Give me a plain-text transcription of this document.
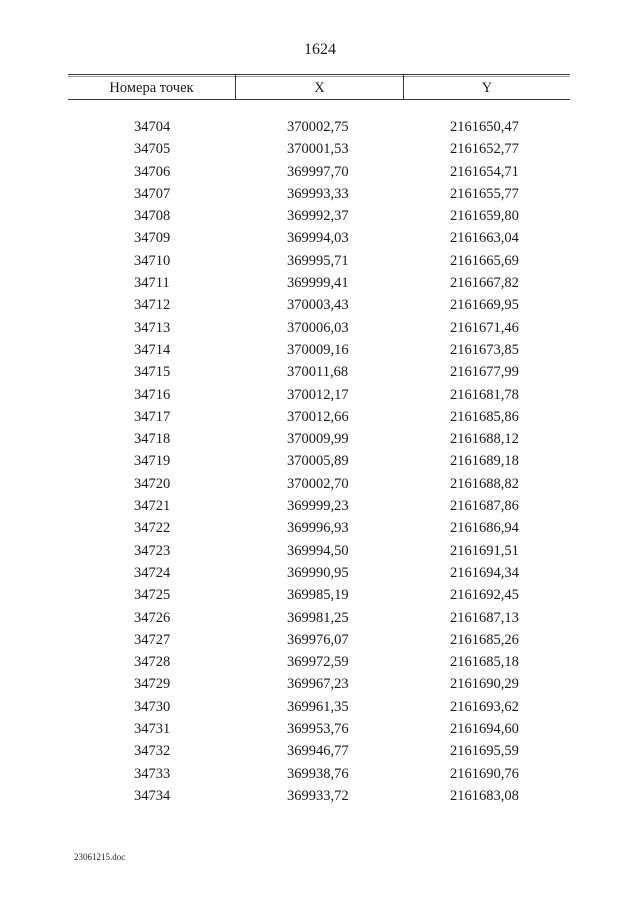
1624
Номера точек	X	Y
34704	370002,75	2161650,47
34705	370001,53	2161652,77
34706	369997,70	2161654,71
34707	369993,33	2161655,77
34708	369992,37	2161659,80
34709	369994,03	2161663,04
34710	369995,71	2161665,69
34711	369999,41	2161667,82
34712	370003,43	2161669,95
34713	370006,03	2161671,46
34714	370009,16	2161673,85
34715	370011,68	2161677,99
34716	370012,17	2161681,78
34717	370012,66	2161685,86
34718	370009,99	2161688,12
34719	370005,89	2161689,18
34720	370002,70	2161688,82
34721	369999,23	2161687,86
34722	369996,93	2161686,94
34723	369994,50	2161691,51
34724	369990,95	2161694,34
34725	369985,19	2161692,45
34726	369981,25	2161687,13
34727	369976,07	2161685,26
34728	369972,59	2161685,18
34729	369967,23	2161690,29
34730	369961,35	2161693,62
34731	369953,76	2161694,60
34732	369946,77	2161695,59
34733	369938,76	2161690,76
34734	369933,72	2161683,08
23061215.doc
